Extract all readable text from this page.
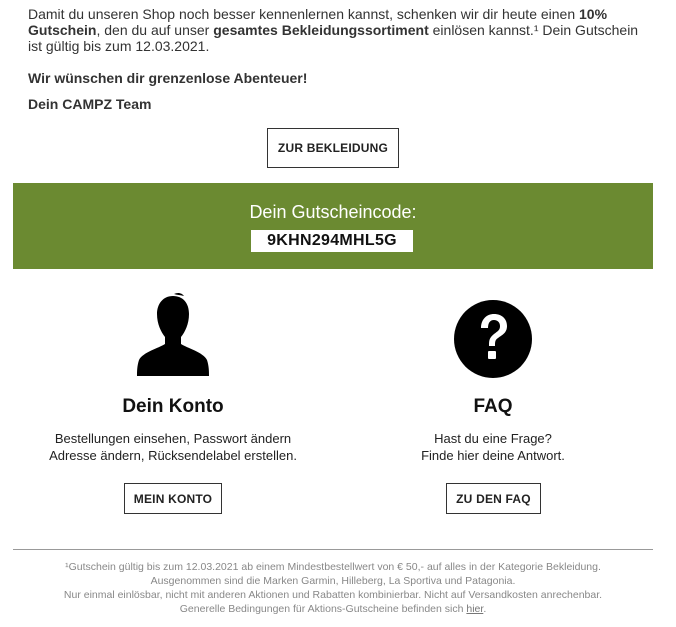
Damit du unseren Shop noch besser kennenlernen kannst, schenken wir dir heute einen 10% Gutschein, den du auf unser gesamtes Bekleidungssortiment einlösen kannst.¹ Dein Gutschein ist gültig bis zum 12.03.2021.
Wir wünschen dir grenzenlose Abenteuer!
Dein CAMPZ Team
ZUR BEKLEIDUNG
Dein Gutscheincode:
9KHN294MHL5G
Dein Konto
Bestellungen einsehen, Passwort ändern
Adresse ändern, Rücksendelabel erstellen.
FAQ
Hast du eine Frage?
Finde hier deine Antwort.
MEIN KONTO	ZU DEN FAQ
¹Gutschein gültig bis zum 12.03.2021 ab einem Mindestbestellwert von € 50,- auf alles in der Kategorie Bekleidung.
Ausgenommen sind die Marken Garmin, Hilleberg, La Sportiva und Patagonia.
Nur einmal einlösbar, nicht mit anderen Aktionen und Rabatten kombinierbar. Nicht auf Versandkosten anrechenbar.
Generelle Bedingungen für Aktions-Gutscheine befinden sich hier.
